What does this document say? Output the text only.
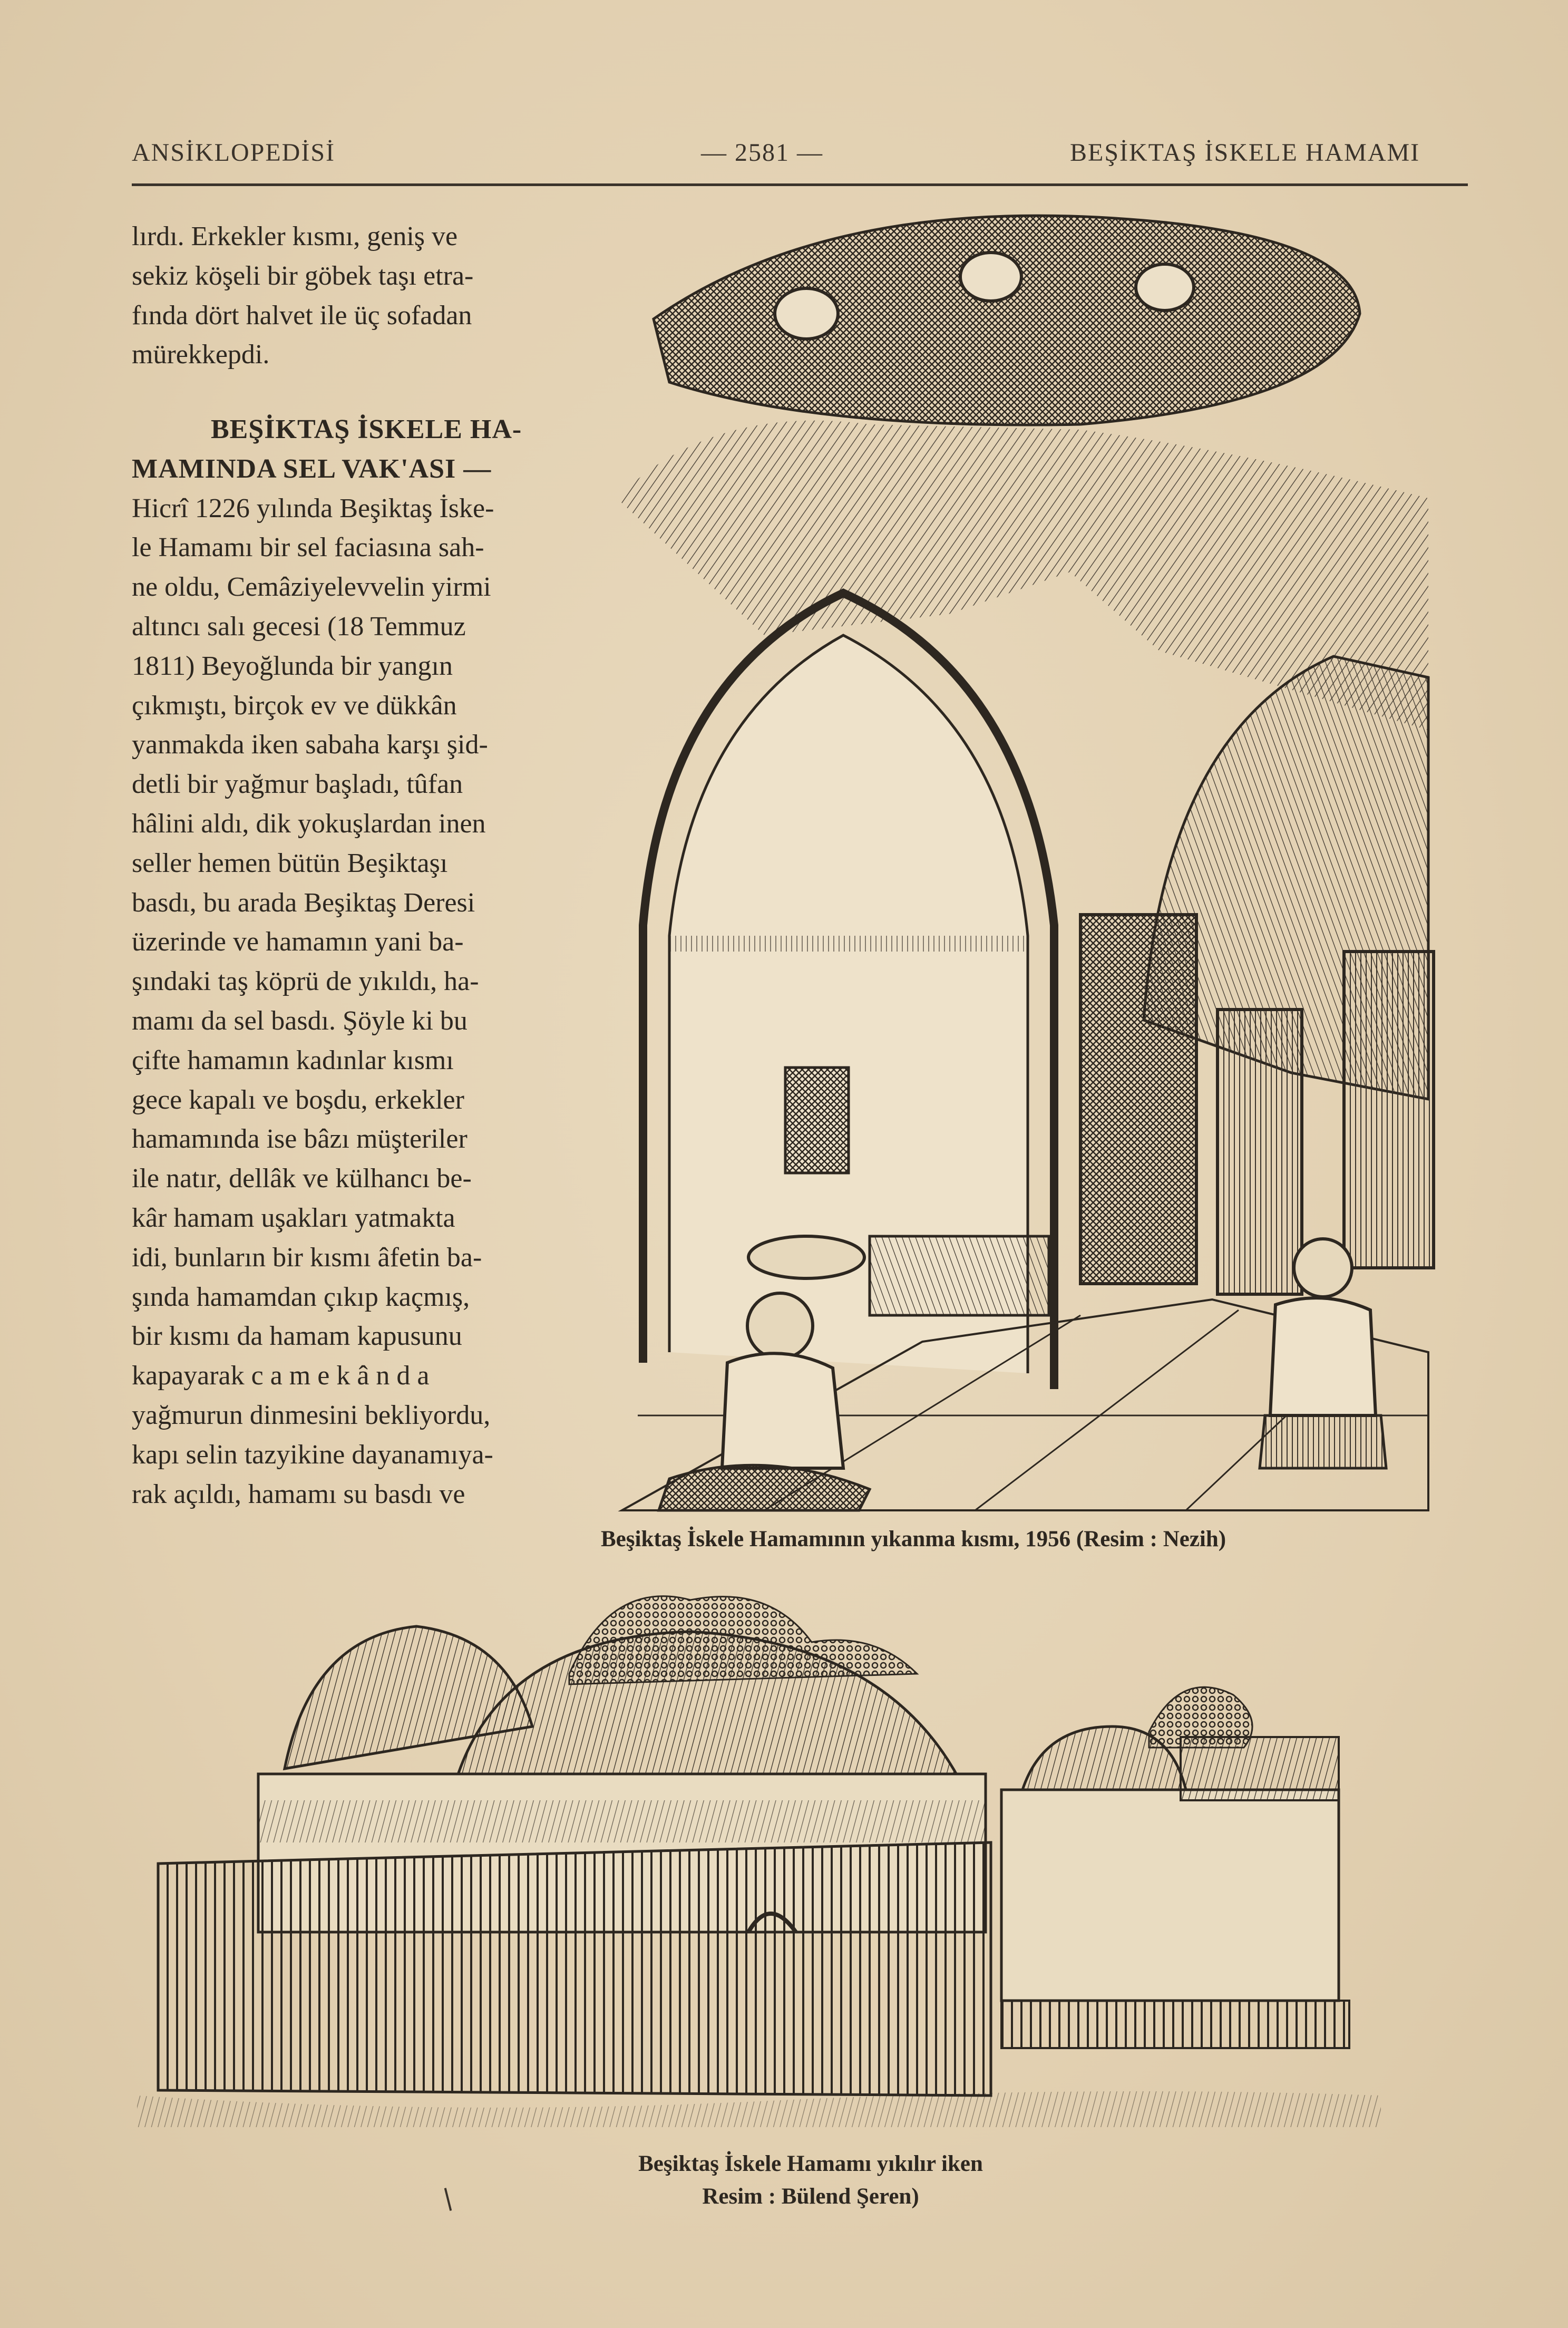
ANSİKLOPEDİSİ	— 2581 —	BEŞİKTAŞ İSKELE HAMAMI
lırdı. Erkekler kısmı, geniş ve
sekiz köşeli bir göbek taşı etra-
fında dört halvet ile üç sofadan
mürekkepdi.
BEŞİKTAŞ İSKELE HA-
MAMINDA SEL VAK'ASI —
Hicrî 1226 yılında Beşiktaş İske-
le Hamamı bir sel faciasına sah-
ne oldu, Cemâziyelevvelin yirmi
altıncı salı gecesi (18 Temmuz
1811) Beyoğlunda bir yangın
çıkmıştı, birçok ev ve dükkân
yanmakda iken sabaha karşı şid-
detli bir yağmur başladı, tûfan
hâlini aldı, dik yokuşlardan inen
seller hemen bütün Beşiktaşı
basdı, bu arada Beşiktaş Deresi
üzerinde ve hamamın yani ba-
şındaki taş köprü de yıkıldı, ha-
mamı da sel basdı. Şöyle ki bu
çifte hamamın kadınlar kısmı
gece kapalı ve boşdu, erkekler
hamamında ise bâzı müşteriler
ile natır, dellâk ve külhancı be-
kâr hamam uşakları yatmakta
idi, bunların bir kısmı âfetin ba-
şında hamamdan çıkıp kaçmış,
bir kısmı da hamam kapusunu
kapayarak c a m e k â n d a
yağmurun dinmesini bekliyordu,
kapı selin tazyikine dayanamıya-
rak açıldı, hamamı su basdı ve
Beşiktaş İskele Hamamının yıkanma kısmı, 1956 (Resim : Nezih)
Beşiktaş İskele Hamamı yıkılır iken
Resim : Bülend Şeren)
